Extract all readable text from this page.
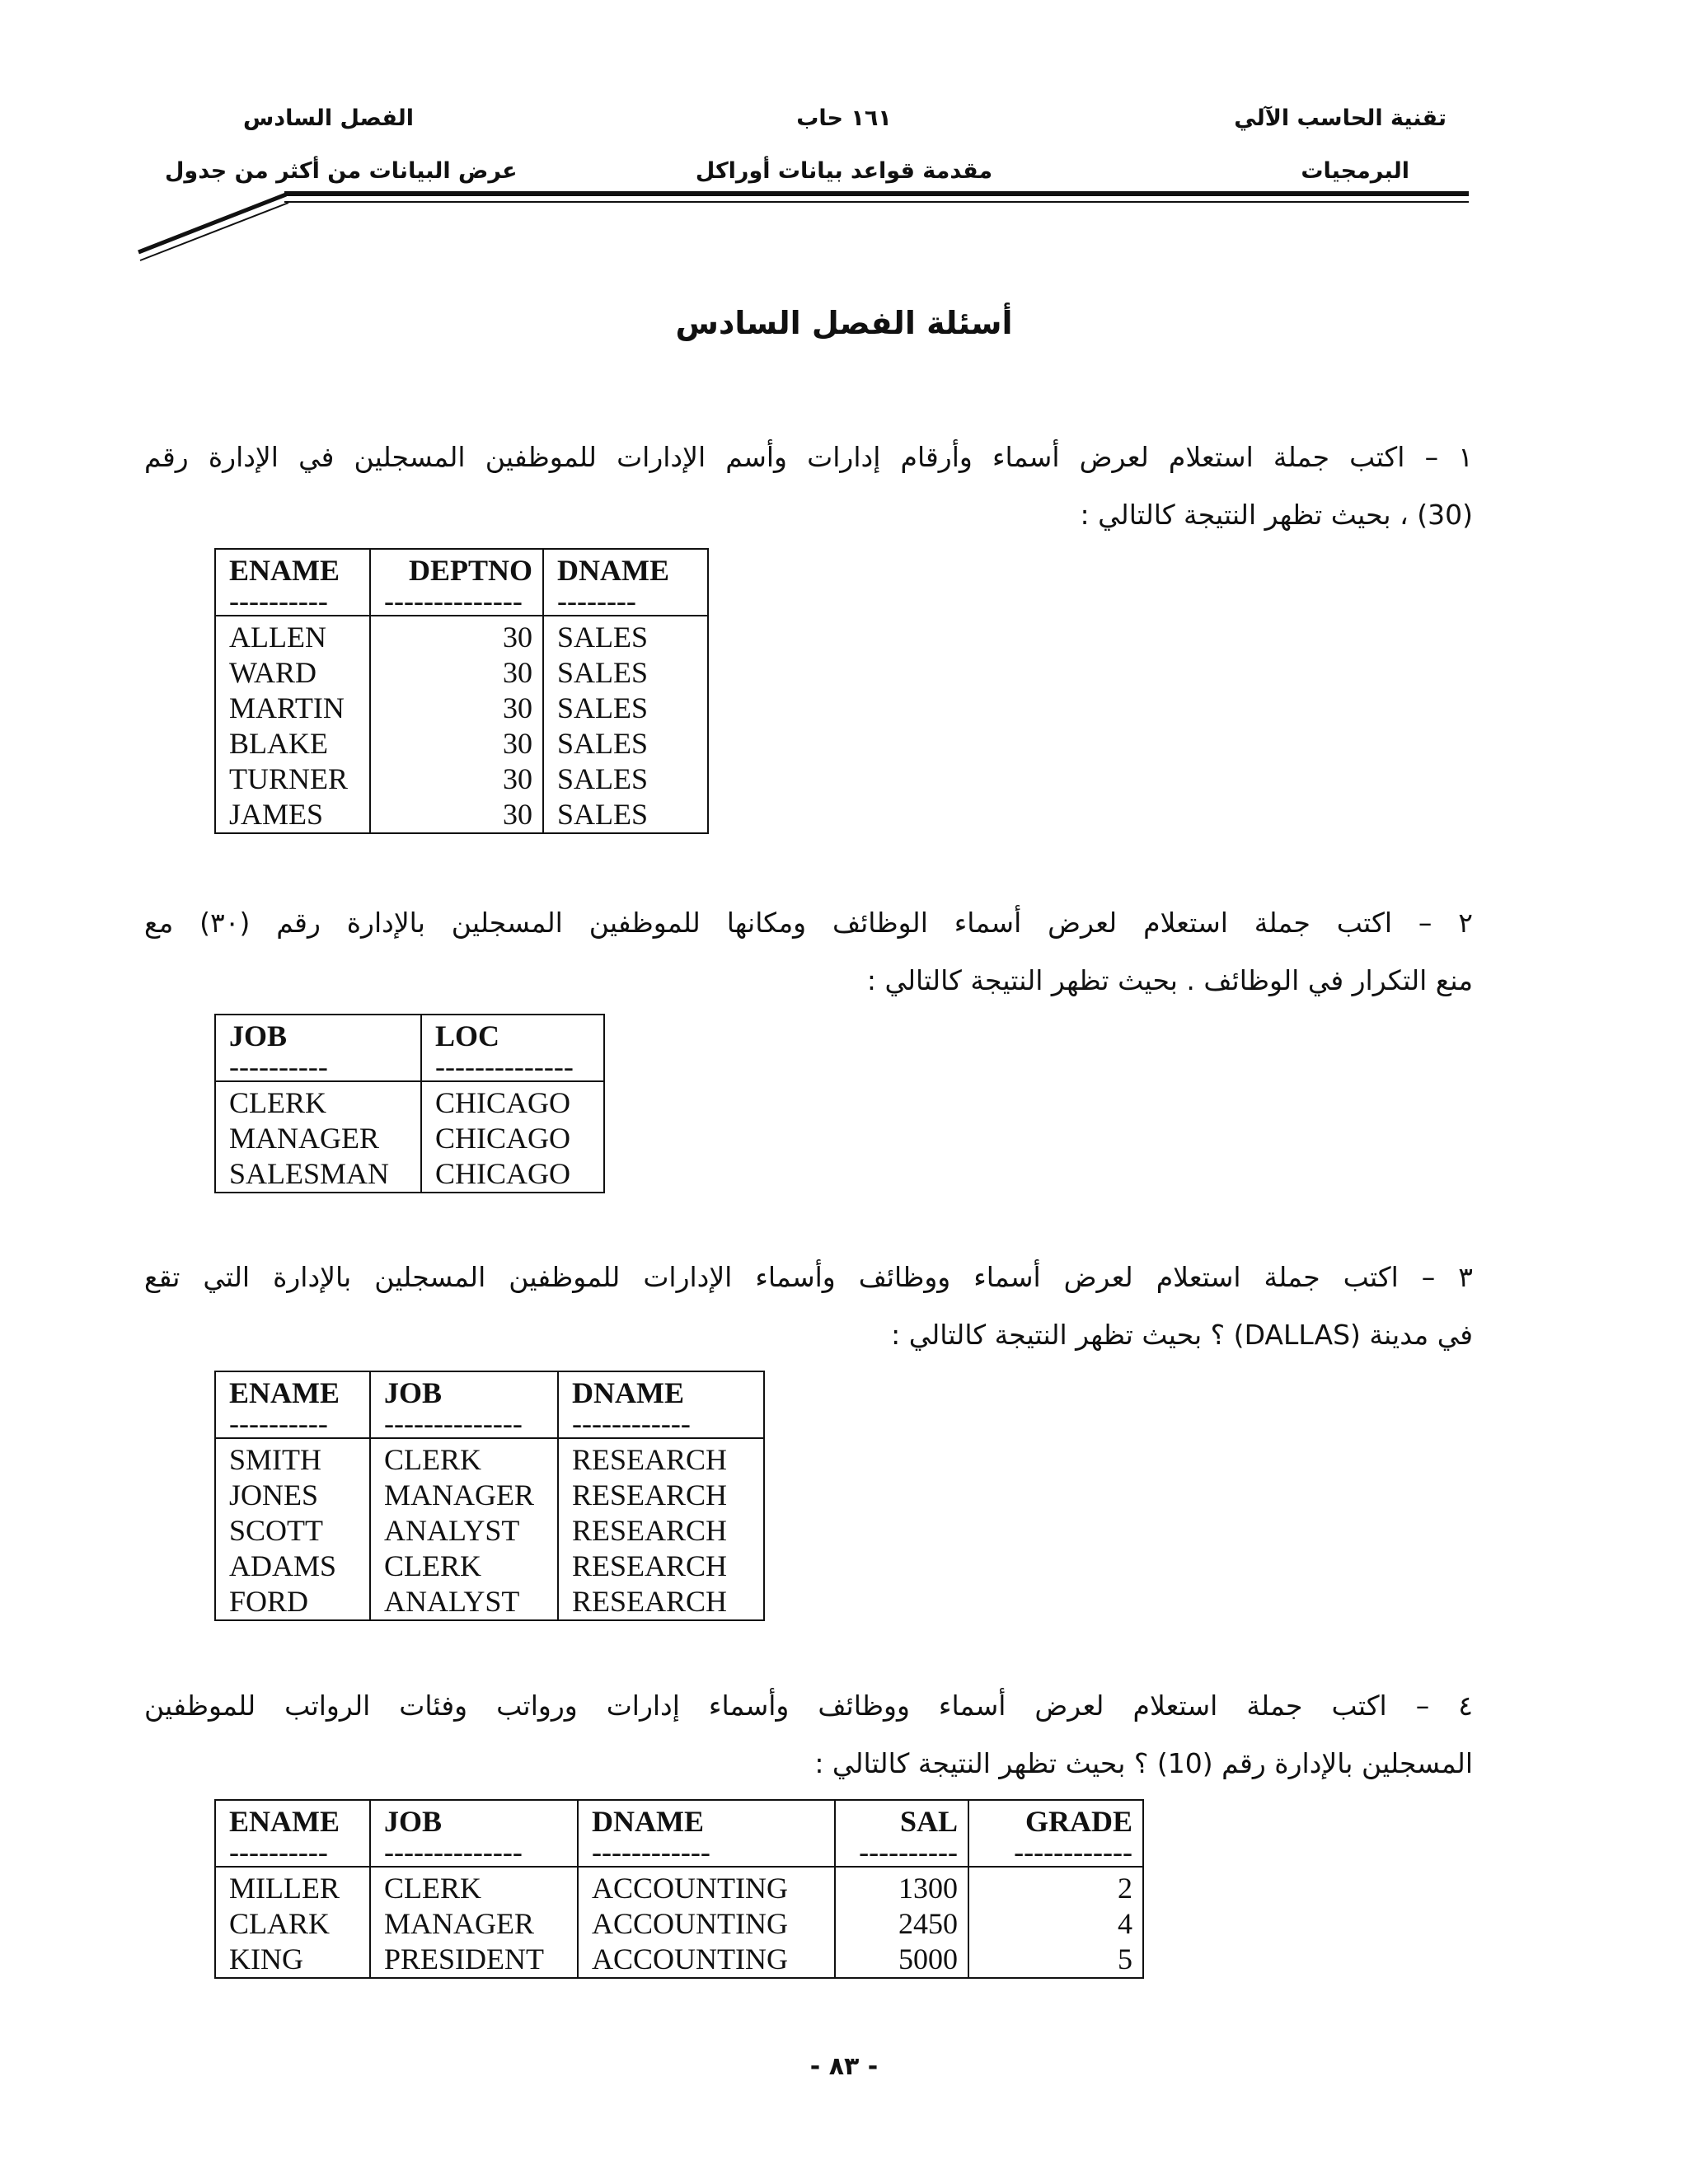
تقنية الحاسب الآلي
البرمجيات
١٦١ حاب
مقدمة قواعد بيانات أوراكل
الفصل السادس
عرض البيانات من أكثر من جدول
أسئلة الفصل السادس

١ – اكتب جملة استعلام لعرض أسماء وأرقام إدارات وأسم الإدارات للموظفين المسجلين في الإدارة رقم

(30) ، بحيث تظهر النتيجة كالتالي :

ENAME	DEPTNO	DNAME
----------	--------------	--------
ALLEN	30	SALES
WARD	30	SALES
MARTIN	30	SALES
BLAKE	30	SALES
TURNER	30	SALES
JAMES	30	SALES

٢ – اكتب جملة استعلام لعرض أسماء الوظائف ومكانها للموظفين المسجلين بالإدارة رقم (٣٠) مع

منع التكرار في الوظائف . بحيث تظهر النتيجة كالتالي :

JOB	LOC
----------	--------------
CLERK	CHICAGO
MANAGER	CHICAGO
SALESMAN	CHICAGO

٣ – اكتب جملة استعلام لعرض أسماء ووظائف وأسماء الإدارات للموظفين المسجلين بالإدارة التي تقع

في مدينة (DALLAS) ؟ بحيث تظهر النتيجة كالتالي :

ENAME	JOB	DNAME
----------	--------------	------------
SMITH	CLERK	RESEARCH
JONES	MANAGER	RESEARCH
SCOTT	ANALYST	RESEARCH
ADAMS	CLERK	RESEARCH
FORD	ANALYST	RESEARCH

٤ – اكتب جملة استعلام لعرض أسماء ووظائف وأسماء إدارات ورواتب وفئات الرواتب للموظفين

المسجلين بالإدارة رقم (10) ؟ بحيث تظهر النتيجة كالتالي :

ENAME	JOB	DNAME	SAL	GRADE
----------	--------------	------------	----------	------------
MILLER	CLERK	ACCOUNTING	1300	2
CLARK	MANAGER	ACCOUNTING	2450	4
KING	PRESIDENT	ACCOUNTING	5000	5
- ٨٣ -
